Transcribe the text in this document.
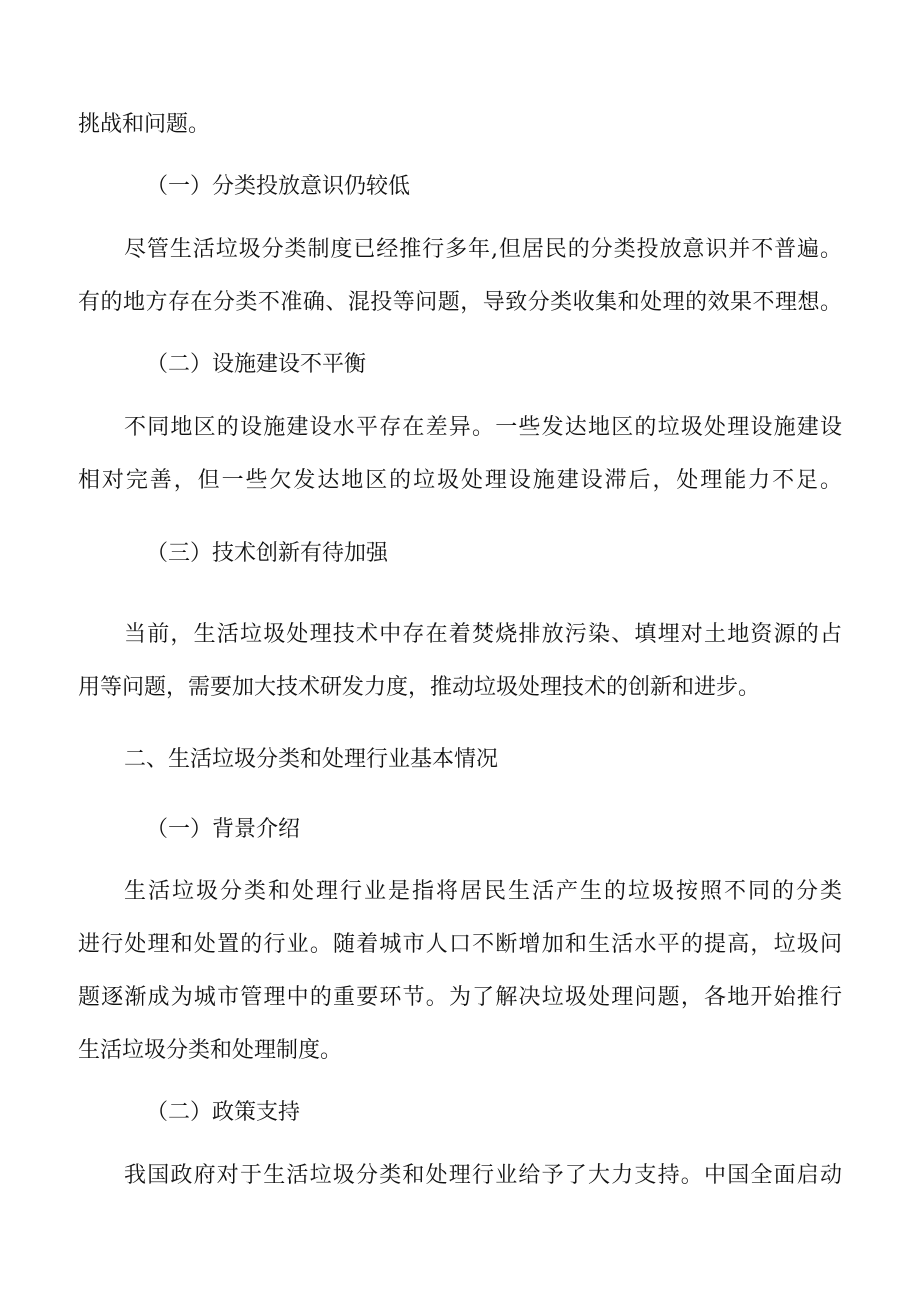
挑战和问题。
（一）分类投放意识仍较低
尽管生活垃圾分类制度已经推行多年,但居民的分类投放意识并不普遍。
有的地方存在分类不准确、混投等问题，导致分类收集和处理的效果不理想。
（二）设施建设不平衡
不同地区的设施建设水平存在差异。一些发达地区的垃圾处理设施建设
相对完善，但一些欠发达地区的垃圾处理设施建设滞后，处理能力不足。
（三）技术创新有待加强
当前，生活垃圾处理技术中存在着焚烧排放污染、填埋对土地资源的占
用等问题，需要加大技术研发力度，推动垃圾处理技术的创新和进步。
二、生活垃圾分类和处理行业基本情况
（一）背景介绍
生活垃圾分类和处理行业是指将居民生活产生的垃圾按照不同的分类
进行处理和处置的行业。随着城市人口不断增加和生活水平的提高，垃圾问
题逐渐成为城市管理中的重要环节。为了解决垃圾处理问题，各地开始推行
生活垃圾分类和处理制度。
（二）政策支持
我国政府对于生活垃圾分类和处理行业给予了大力支持。中国全面启动
